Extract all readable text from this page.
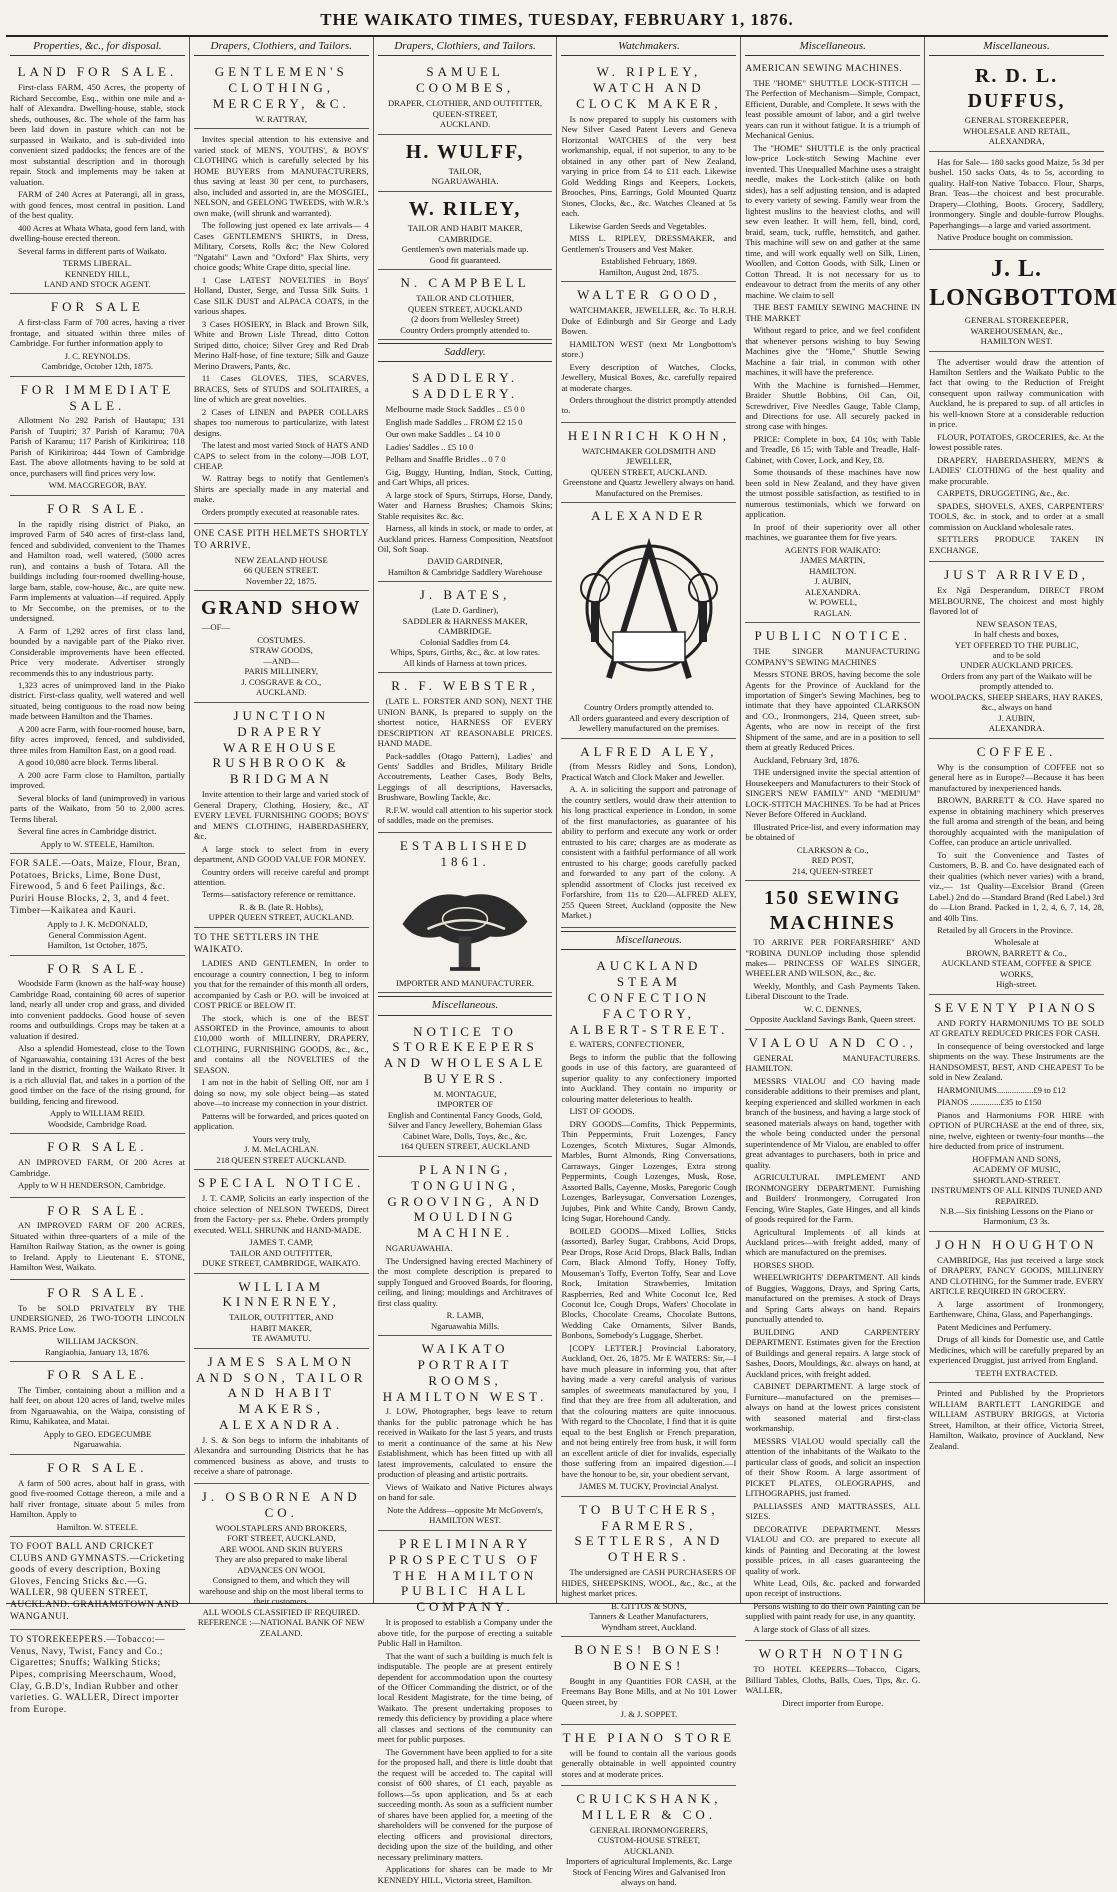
THE WAIKATO TIMES, TUESDAY, FEBRUARY 1, 1876.
Properties, &c., for disposal.
LAND FOR SALE.

First-class FARM, 450 Acres, the property of Richard Seccombe, Esq., within one mile and a-half of Alexandra. Dwelling-house, stable, stock sheds, outhouses, &c. The whole of the farm has been laid down in pasture which can not be surpassed in Waikato, and is sub-divided into convenient sized paddocks; the fences are of the most substantial description and in thorough repair. Stock and implements may be taken at valuation.

FARM of 240 Acres at Paterangi, all in grass, with good fences, most central in position. Land of the best quality.

400 Acres at Whata Whata, good fern land, with dwelling-house erected thereon.

Several farms in different parts of Waikato.

TERMS LIBERAL.
KENNEDY HILL,
LAND AND STOCK AGENT.
FOR SALE

A first-class Farm of 700 acres, having a river frontage, and situated within three miles of Cambridge. For further information apply to

J. C. REYNOLDS.
Cambridge, October 12th, 1875.
FOR IMMEDIATE SALE.

Allotment No 292 Parish of Hautapu; 131 Parish of Tuupiri; 37 Parish of Karamu; 70A Parish of Karamu; 117 Parish of Kirikiriroa; 118 Parish of Kirikiriroa; 444 Town of Cambridge East. The above allotments having to be sold at once, purchasers will find prices very low.

WM. MACGREGOR, BAY.
FOR SALE.

In the rapidly rising district of Piako, an improved Farm of 540 acres of first-class land, fenced and subdivided, convenient to the Thames and Hamilton road, well watered, (5000 acres run), and contains a bush of Totara. All the buildings including four-roomed dwelling-house, large barn, stable, cow-house, &c., are quite new. Farm implements at valuation—if required. Apply to Mr Seccombe, on the premises, or to the undersigned.

A Farm of 1,292 acres of first class land, bounded by a navigable part of the Piako river. Considerable improvements have been effected. Price very moderate. Advertiser strongly recommends this to any industrious party.

1,323 acres of unimproved land in the Piako district. First-class quality, well watered and well situated, being contiguous to the road now being made between Hamilton and the Thames.

A 200 acre Farm, with four-roomed house, barn, fifty acres improved, fenced, and subdivided, three miles from Hamilton East, on a good road.

A good 10,080 acre block. Terms liberal.

A 200 acre Farm close to Hamilton, partially improved.

Several blocks of land (unimproved) in various parts of the Waikato, from 50 to 2,000 acres. Terms liberal.

Several fine acres in Cambridge district.

Apply to W. STEELE, Hamilton.
FOR SALE.—Oats, Maize, Flour, Bran, Potatoes, Bricks, Lime, Bone Dust, Firewood, 5 and 6 feet Pailings, &c. Puriri House Blocks, 2, 3, and 4 feet. Timber—Kaikatea and Kauri.
Apply to J. K. McDONALD,
General Commission Agent.
Hamilton, 1st October, 1875.
FOR SALE.

Woodside Farm (known as the half-way house) Cambridge Road, containing 60 acres of superior land, nearly all under crop and grass, and divided into convenient paddocks. Good house of seven rooms and outbuildings. Crops may be taken at a valuation if desired.

Also a splendid Homestead, close to the Town of Ngaruawahia, containing 131 Acres of the best land in the district, fronting the Waikato River. It is a rich alluvial flat, and takes in a portion of the good timber on the face of the rising ground, for building, fencing and firewood.

Apply to WILLIAM REID.
Woodside, Cambridge Road.
FOR SALE.

AN IMPROVED FARM, Of 200 Acres at Cambridge.

Apply to W H HENDERSON, Cambridge.

FOR SALE.

AN IMPROVED FARM OF 200 ACRES, Situated within three-quarters of a mile of the Hamilton Railway Station, as the owner is going to Ireland. Apply to Lieutenant E. STONE, Hamilton West, Waikato.

FOR SALE.

To be SOLD PRIVATELY BY THE UNDERSIGNED, 26 TWO-TOOTH LINCOLN RAMS. Price Low.

WILLIAM JACKSON.
Rangiaohia, January 13, 1876.
FOR SALE.

The Timber, containing about a million and a half feet, on about 120 acres of land, twelve miles from Ngaruawahia, on the Waipa, consisting of Rimu, Kahikatea, and Matai.

Apply to GEO. EDGECUMBE
Ngaruawahia.
FOR SALE.

A farm of 500 acres, about half in grass, with good five-roomed Cottage thereon, a mile and a half river frontage, situate about 5 miles from Hamilton. Apply to

Hamilton. W. STEELE.
TO FOOT BALL AND CRICKET CLUBS AND GYMNASTS.—Cricketing goods of every description, Boxing Gloves, Fencing Sticks &c.—G. WALLER, 98 QUEEN STREET, AUCKLAND. GRAHAMSTOWN AND WANGANUI.
TO STOREKEEPERS.—Tobacco:—Venus, Navy, Twist, Fancy and Co.; Cigarettes; Snuffs; Walking Sticks; Pipes, comprising Meerschaum, Wood, Clay, G.B.D's, Indian Rubber and other varieties. G. WALLER, Direct importer from Europe.
Drapers, Clothiers, and Tailors.
GENTLEMEN'S CLOTHING, MERCERY, &C.
W. RATTRAY,

Invites special attention to his extensive and varied stock of MEN'S, YOUTHS', & BOYS' CLOTHING which is carefully selected by his HOME BUYERS from MANUFACTURERS, thus saving at least 30 per cent, to purchasers, also, included and assorted in, are the MOSGIEL, NELSON, and GEELONG TWEEDS, with W.R.'s own make, (will shrunk and warranted).

The following just opened ex late arrivals— 4 Cases GENTLEMEN'S SHIRTS, in Dress, Military, Corsets, Rolls &c; the New Colored "Ngatahi" Lawn and "Oxford" Flax Shirts, very choice goods; White Crape ditto, special line.

1 Case LATEST NOVELTIES in Boys' Holland, Duster, Serge, and Tussa Silk Suits. 1 Case SILK DUST and ALPACA COATS, in the various shapes.

3 Cases HOSIERY, in Black and Brown Silk, White and Brown Lisle Thread, ditto Cotton Striped ditto, choice; Silver Grey and Red Drab Merino Half-hose, of fine texture; Silk and Gauze Merino Drawers, Pants, &c.

11 Cases GLOVES, TIES, SCARVES, BRACES, Sets of STUDS and SOLITAIRES, a line of which are great novelties.

2 Cases of LINEN and PAPER COLLARS shapes too numerous to particularize, with latest designs.

The latest and most varied Stock of HATS AND CAPS to select from in the colony—JOB LOT, CHEAP.

W. Rattray begs to notify that Gentlemen's Shirts are specially made in any material and make.

Orders promptly executed at reasonable rates.

ONE CASE PITH HELMETS SHORTLY TO ARRIVE.
NEW ZEALAND HOUSE
66 QUEEN STREET.
November 22, 1875.
GRAND SHOW

—OF—

COSTUMES.
STRAW GOODS,
—AND—
PARIS MILLINERY,
J. COSGRAVE & CO.,
AUCKLAND.
JUNCTION DRAPERY WAREHOUSE RUSHBROOK & BRIDGMAN

Invite attention to their large and varied stock of General Drapery, Clothing, Hosiery, &c., AT EVERY LEVEL FURNISHING GOODS; BOYS' and MEN'S CLOTHING, HABERDASHERY, &c.

A large stock to select from in every department, AND GOOD VALUE FOR MONEY.

Country orders will receive careful and prompt attention.

Terms—satisfactory reference or remittance.

R. & B. (late R. Hobbs),
UPPER QUEEN STREET, AUCKLAND.
TO THE SETTLERS IN THE WAIKATO.

LADIES AND GENTLEMEN, In order to encourage a country connection, I beg to inform you that for the remainder of this month all orders, accompanied by Cash or P.O. will be invoiced at COST PRICE or BELOW IT.

The stock, which is one of the BEST ASSORTED in the Province, amounts to about £10,000 worth of MILLINERY, DRAPERY, CLOTHING, FURNISHING GOODS, &c., &c., and contains all the NOVELTIES of the SEASON.

I am not in the habit of Selling Off, nor am I doing so now, my sole object being—as stated above—to increase my connection in your district.

Patterns will be forwarded, and prices quoted on application.

Yours very truly,
J. M. McLACHLAN.
218 QUEEN STREET AUCKLAND.
SPECIAL NOTICE.

J. T. CAMP, Solicits an early inspection of the choice selection of NELSON TWEEDS, Direct from the Factory- per s.s. Phebe. Orders promptly executed. WELL SHRUNK and HAND-MADE.

JAMES T. CAMP,
TAILOR AND OUTFITTER,
DUKE STREET, CAMBRIDGE, WAIKATO.
WILLIAM KINNERNEY,
TAILOR, OUTFITTER, AND
HABIT MAKER,
TE AWAMUTU.
JAMES SALMON AND SON, TAILOR AND HABIT MAKERS, ALEXANDRA.

J. S. & Son begs to inform the inhabitants of Alexandra and surrounding Districts that he has commenced business as above, and trusts to receive a share of patronage.

J. OSBORNE AND CO.
WOOLSTAPLERS AND BROKERS,
FORT STREET, AUCKLAND,
ARE WOOL AND SKIN BUYERS
They are also prepared to make liberal
ADVANCES ON WOOL
Consigned to them, and which they will warehouse and ship on the most liberal terms to their customers.
ALL WOOLS CLASSIFIED IF REQUIRED.
REFERENCE :—NATIONAL BANK OF NEW ZEALAND.
Drapers, Clothiers, and Tailors.
SAMUEL COOMBES,
DRAPER, CLOTHIER, AND OUTFITTER,
QUEEN-STREET,
AUCKLAND.
H. WULFF,
TAILOR,
NGARUAWAHIA.
W. RILEY,
TAILOR AND HABIT MAKER,
CAMBRIDGE.
Gentlemen's own materials made up.
Good fit guaranteed.
N. CAMPBELL
TAILOR AND CLOTHIER,
QUEEN STREET, AUCKLAND
(2 doors from Wellesley Street)
Country Orders promptly attended to.
Saddlery.
SADDLERY. SADDLERY.

Melbourne made Stock Saddles .. £5 0 0

English made Saddles .. FROM £2 15 0

Our own make Saddles .. £4 10 0

Ladies' Saddles .. £5 10 0

Pelham and Snaffle Bridles .. 0 7 0

Gig, Buggy, Hunting, Indian, Stock, Cutting, and Cart Whips, all prices.

A large stock of Spurs, Stirrups, Horse, Dandy, Water and Harness Brushes; Chamois Skins; Stable requisites &c. &c.

Harness, all kinds in stock, or made to order, at Auckland prices. Harness Composition, Neatsfoot Oil, Soft Soap.

DAVID GARDINER,
Hamilton & Cambridge Saddlery Warehouse
J. BATES,
(Late D. Gardiner),
SADDLER & HARNESS MAKER,
CAMBRIDGE.
Colonial Saddles from £4.
Whips, Spurs, Girths, &c., &c. at low rates.
All kinds of Harness at town prices.
R. F. WEBSTER,

(LATE L. FORSTER AND SON), NEXT THE UNION BANK, Is prepared to supply on the shortest notice, HARNESS OF EVERY DESCRIPTION AT REASONABLE PRICES. HAND MADE.

Pack-saddles (Otago Pattern), Ladies' and Gents' Saddles and Bridles, Military Bridle Accoutrements, Leather Cases, Body Belts, Leggings of all descriptions, Haversacks, Brushware, Bowling Tackle, &c.

R.F.W. would call attention to his superior stock of saddles, made on the premises.

ESTABLISHED 1861.
IMPORTER AND MANUFACTURER.
Miscellaneous.
NOTICE TO STOREKEEPERS AND WHOLESALE BUYERS.
M. MONTAGUE,
IMPORTER OF
English and Continental Fancy Goods, Gold, Silver and Fancy Jewellery, Bohemian Glass Cabinet Ware, Dolls, Toys, &c., &c.
164 QUEEN STREET, AUCKLAND
PLANING, TONGUING, GROOVING, AND MOULDING MACHINE.

NGARUAWAHIA.

The Undersigned having erected Machinery of the most complete description is prepared to supply Tongued and Grooved Boards, for flooring, ceiling, and lining; mouldings and Architraves of first class quality.

R. LAMB,
Ngaruawahia Mills.
WAIKATO PORTRAIT ROOMS, HAMILTON WEST.

J. LOW, Photographer, begs leave to return thanks for the public patronage which he has received in Waikato for the last 5 years, and trusts to merit a continuance of the same at his New Establishment, which has been fitted up with all latest improvements, calculated to ensure the production of pleasing and artistic portraits.

Views of Waikato and Native Pictures always on hand for sale.

Note the Address—opposite Mr McGovern's, HAMILTON WEST.
PRELIMINARY PROSPECTUS OF THE HAMILTON PUBLIC HALL COMPANY.

It is proposed to establish a Company under the above title, for the purpose of erecting a suitable Public Hall in Hamilton.

That the want of such a building is much felt is indisputable. The people are at present entirely dependent for accommodation upon the courtesy of the Officer Commanding the district, or of the local Resident Magistrate, for the time being, of Waikato. The present undertaking proposes to remedy this deficiency by providing a place where all classes and sections of the community can meet for public purposes.

The Government have been applied to for a site for the proposed hall, and there is little doubt that the request will be acceded to. The capital will consist of 600 shares, of £1 each, payable as follows—5s upon application, and 5s at each succeeding month. As soon as a sufficient number of shares have been applied for, a meeting of the shareholders will be convened for the purpose of electing officers and provisional directors, deciding upon the size of the building, and other necessary preliminary matters.

Applications for shares can be made to Mr KENNEDY HILL, Victoria street, Hamilton.

Watchmakers.
W. RIPLEY, WATCH AND CLOCK MAKER,

Is now prepared to supply his customers with New Silver Cased Patent Levers and Geneva Horizontal WATCHES of the very best workmanship, equal, if not superior, to any to be obtained in any other part of New Zealand, varying in price from £4 to £11 each. Likewise Gold Wedding Rings and Keepers, Lockets, Brooches, Pins, Earrings, Gold Mounted Quartz Stones, Clocks, &c., &c. Watches Cleaned at 5s each.

Likewise Garden Seeds and Vegetables.

MISS L. RIPLEY, DRESSMAKER, and Gentlemen's Trousers and Vest Maker.

Established February, 1869.
Hamilton, August 2nd, 1875.
WALTER GOOD,

WATCHMAKER, JEWELLER, &c. To H.R.H. Duke of Edinburgh and Sir George and Lady Bowen.

HAMILTON WEST (next Mr Longbottom's store.)

Every description of Watches, Clocks, Jewellery, Musical Boxes, &c. carefully repaired at moderate charges.

Orders throughout the district promptly attended to.

HEINRICH KOHN,
WATCHMAKER GOLDSMITH AND
JEWELLER,
QUEEN STREET, AUCKLAND.
Greenstone and Quartz Jewellery always on hand. Manufactured on the Premises.
ALEXANDER
Country Orders promptly attended to.
All orders guaranteed and every description of Jewellery manufactured on the premises.
ALFRED ALEY,

(from Messrs Ridley and Sons, London), Practical Watch and Clock Maker and Jeweller.

A. A. in soliciting the support and patronage of the country settlers, would draw their attention to his long practical experience in London, in some of the first manufactories, as guarantee of his ability to perform and execute any work or order entrusted to his care; charges are as moderate as consistent with a faithful performance of all work entrusted to his charge; goods carefully packed and forwarded to any part of the colony. A splendid assortment of Clocks just received ex Forfarshire, from 11s to £20—ALFRED ALEY, 255 Queen Street, Auckland (opposite the New Market.)

Miscellaneous.
AUCKLAND STEAM CONFECTION FACTORY, ALBERT-STREET.

E. WATERS, CONFECTIONER,

Begs to inform the public that the following goods in use of this factory, are guaranteed of superior quality to any confectionery imported into Auckland. They contain no impurity or colouring matter deleterious to health.

LIST OF GOODS.

DRY GOODS—Comfits, Thick Peppermints, Thin Peppermints, Fruit Lozenges, Fancy Lozenges, Scotch Mixtures, Sugar Almonds, Marbles, Burnt Almonds, Ring Conversations, Carraways, Ginger Lozenges, Extra strong Peppermints, Cough Lozenges, Musk, Rose, Assorted Balls, Cayenne, Mosks, Paregoric Cough Lozenges, Barleysugar, Conversation Lozenges, Jujubes, Pink and White Candy, Brown Candy, Icing Sugar, Horehound Candy.

BOILED GOODS—Mixed Lollies, Sticks (assorted), Barley Sugar, Crabbons, Acid Drops, Pear Drops, Rose Acid Drops, Black Balls, Indian Corn, Black Almond Toffy, Honey Toffy, Mouseman's Toffy, Everton Toffy, Sear and Love Rock, Imitation Strawberries, Imitation Raspberries, Red and White Coconut Ice, Red Coconut Ice, Cough Drops, Wafers' Chocolate in Blocks, Chocolate Creams, Chocolate Buttons, Wedding Cake Ornaments, Silver Bands, Bonbons, Somebody's Luggage, Sherbet.

[COPY LETTER.] Provincial Laboratory, Auckland, Oct. 26, 1875. Mr E WATERS: Sir,—I have much pleasure in informing you, that after having made a very careful analysis of various samples of sweetmeats manufactured by you, I find that they are free from all adulteration, and that the colouring matters are quite innocuous. With regard to the Chocolate, I find that it is quite equal to the best English or French preparation, and not being entirely free from husk, it will form an excellent article of diet for invalids, especially those suffering from an impaired digestion.—I have the honour to be, sir, your obedient servant,

JAMES M. TUCKY, Provincial Analyst.
TO BUTCHERS, FARMERS, SETTLERS, AND OTHERS.

The undersigned are CASH PURCHASERS OF HIDES, SHEEPSKINS, WOOL, &c., &c., at the highest market prices.

B. GITTOS & SONS,
Tanners & Leather Manufacturers,
Wyndham street, Auckland.
BONES! BONES! BONES!

Bought in any Quantities FOR CASH, at the Freemans Bay Bone Mills, and at No 101 Lower Queen street, by

J. & J. SOPPET.
THE PIANO STORE

will be found to contain all the various goods generally obtainable in well appointed country stores and at moderate prices.

CRUICKSHANK, MILLER & CO.
GENERAL IRONMONGERERS,
CUSTOM-HOUSE STREET,
AUCKLAND.
Importers of agricultural Implements, &c. Large Stock of Fencing Wires and Galvanised Iron always on hand.
Miscellaneous.
AMERICAN SEWING MACHINES.

THE "HOME" SHUTTLE LOCK-STITCH —The Perfection of Mechanism—Simple, Compact, Efficient, Durable, and Complete. It sews with the least possible amount of labor, and a girl twelve years can run it without fatigue. It is a triumph of Mechanical Genius.

The "HOME" SHUTTLE is the only practical low-price Lock-stitch Sewing Machine ever invented. This Unequalled Machine uses a straight needle, makes the Lock-stitch (alike on both sides), has a self adjusting tension, and is adapted to every variety of sewing. Family wear from the lightest muslins to the heaviest cloths, and will sew even leather. It will hem, fell, bind, cord, braid, seam, tuck, ruffle, hemstitch, and gather. This machine will sew on and gather at the same time, and will work equally well on Silk, Linen, Woollen, and Cotton Goods, with Silk, Linen or Cotton Thread. It is not necessary for us to endeavour to detract from the merits of any other machine. We claim to sell

THE BEST FAMILY SEWING MACHINE IN THE MARKET

Without regard to price, and we feel confident that whenever persons wishing to buy Sewing Machines give the "Home," Shuttle Sewing Machine a fair trial, in common with other machines, it will have the preference.

With the Machine is furnished—Hemmer, Braider Shuttle Bobbins, Oil Can, Oil, Screwdriver, Five Needles Gauge, Table Clamp, and Directions for use. All securely packed in strong case with hinges.

PRICE: Complete in box, £4 10s; with Table and Treadle, £6 15; with Table and Treadle, Half-Cabinet, with Cover, Lock, and Key, £8.

Some thousands of these machines have now been sold in New Zealand, and they have given the utmost possible satisfaction, as testified to in numerous testimonials, which we forward on application.

In proof of their superiority over all other machines, we guarantee them for five years.

AGENTS FOR WAIKATO:
JAMES MARTIN,
HAMILTON.
J. AUBIN,
ALEXANDRA.
W. POWELL,
RAGLAN.
PUBLIC NOTICE.

THE SINGER MANUFACTURING COMPANY'S SEWING MACHINES

Messrs STONE BROS, having become the sole Agents for the Province of Auckland for the importation of Singer's Sewing Machines, beg to intimate that they have appointed CLARKSON and CO., Ironmongers, 214, Queen street, sub-Agents, who are now in receipt of the first Shipment of the same, and are in a position to sell them at greatly Reduced Prices.

Auckland, February 3rd, 1876.

THE undersigned invite the special attention of Housekeepers and Manufacturers to their Stock of SINGER'S NEW FAMILY" AND "MEDIUM" LOCK-STITCH MACHINES. To be had at Prices Never Before Offered in Auckland.

Illustrated Price-list, and every information may be obtained of

CLARKSON & Co.,
RED POST,
214, QUEEN-STREET
150 SEWING MACHINES

TO ARRIVE PER FORFARSHIRE" AND "ROBINA DUNLOP including those splendid makes— PRINCESS OF WALES SINGER, WHEELER AND WILSON, &c., &c.

Weekly, Monthly, and Cash Payments Taken. Liberal Discount to the Trade.

W. C. DENNES,
Opposite Auckland Savings Bank, Queen street.
VIALOU AND CO.,

GENERAL MANUFACTURERS. HAMILTON.

MESSRS VIALOU and CO having made considerable additions to their premises and plant, keeping experienced and skilled workmen in each branch of the business, and having a large stock of seasoned materials always on hand, together with the whole being conducted under the personal superintendence of Mr Vialou, are enabled to offer great advantages to purchasers, both in price and quality.

AGRICULTURAL IMPLEMENT AND IRONMONGERY DEPARTMENT. Furnishing and Builders' Ironmongery, Corrugated Iron Fencing, Wire Staples, Gate Hinges, and all kinds of goods required for the Farm.

Agricultural Implements of all kinds at Auckland prices—with freight added, many of which are manufactured on the premises.

HORSES SHOD.

WHEELWRIGHTS' DEPARTMENT. All kinds of Buggies, Waggons, Drays, and Spring Carts, manufactured on the premises. A stock of Drays and Spring Carts always on hand. Repairs punctually attended to.

BUILDING AND CARPENTERY DEPARTMENT. Estimates given for the Erection of Buildings and general repairs. A large stock of Sashes, Doors, Mouldings, &c. always on hand, at Auckland prices, with freight added.

CABINET DEPARTMENT. A large stock of Furniture—manufactured on the premises—always on hand at the lowest prices consistent with seasoned material and first-class workmanship.

MESSRS VIALOU would specially call the attention of the inhabitants of the Waikato to the particular class of goods, and solicit an inspection of their Show Room. A large assortment of PICKET PLATES, OLEOGRAPHS, and LITHOGRAPHS, just framed.

PALLIASSES AND MATTRASSES, ALL SIZES.

DECORATIVE DEPARTMENT. Messrs VIALOU and CO. are prepared to execute all kinds of Painting and Decorating at the lowest possible prices, in all cases guaranteeing the quality of work.

White Lead, Oils, &c. packed and forwarded upon receipt of instructions.

Persons wishing to do their own Painting can be supplied with paint ready for use, in any quantity.

A large stock of Glass of all sizes.

WORTH NOTING

TO HOTEL KEEPERS—Tobacco, Cigars, Billiard Tables, Cloths, Balls, Cues, Tips, &c. G. WALLER,

Direct importer from Europe.
Miscellaneous.
R. D. L. DUFFUS,
GENERAL STOREKEEPER,
WHOLESALE AND RETAIL,
ALEXANDRA,

Has for Sale— 180 sacks good Maize, 5s 3d per bushel. 150 sacks Oats, 4s to 5s, according to quality. Half-ton Native Tobacco. Flour, Sharps, Bran. Teas—the choicest and best procurable. Drapery—Clothing, Boots. Grocery, Saddlery, Ironmongery. Single and double-furrow Ploughs. Paperhangings—a large and varied assortment.

Native Produce bought on commission.

J. L. LONGBOTTOM
GENERAL STOREKEEPER,
WAREHOUSEMAN, &c.,
HAMILTON WEST.

The advertiser would draw the attention of Hamilton Settlers and the Waikato Public to the fact that owing to the Reduction of Freight consequent upon railway communication with Auckland, he is prepared to sup. of all articles in his well-known Store at a considerable reduction in price.

FLOUR, POTATOES, GROCERIES, &c. At the lowest possible rates.

DRAPERY, HABERDASHERY, MEN'S & LADIES' CLOTHING of the best quality and make procurable.

CARPETS, DRUGGETING, &c., &c.

SPADES, SHOVELS, AXES, CARPENTERS' TOOLS, &c. in stock, and to order at a small commission on Auckland wholesale rates.

SETTLERS PRODUCE TAKEN IN EXCHANGE.

JUST ARRIVED,

Ex Ngā Desperandum, DIRECT FROM MELBOURNE, The choicest and most highly flavored lot of

NEW SEASON TEAS,
In half chests and boxes,
YET OFFERED TO THE PUBLIC,
and to be sold
UNDER AUCKLAND PRICES.
Orders from any part of the Waikato will be promptly attended to.
WOOLPACKS, SHEEP SHEARS, HAY RAKES, &c., always on hand
J. AUBIN,
ALEXANDRA.
COFFEE.

Why is the consumption of COFFEE not so general here as in Europe?—Because it has been manufactured by inexperienced hands.

BROWN, BARRETT & CO. Have spared no expense in obtaining machinery which preserves the full aroma and strength of the bean, and being thoroughly acquainted with the manipulation of Coffee, can produce an article unrivalled.

To suit the Convenience and Tastes of Customers, B. B. and Co. have designated each of their qualities (which never varies) with a brand, viz.,— 1st Quality—Excelsior Brand (Green Label.) 2nd do —Standard Brand (Red Label.) 3rd do —Lion Brand. Packed in 1, 2, 4, 6, 7, 14, 28, and 40lb Tins.

Retailed by all Grocers in the Province.

Wholesale at
BROWN, BARRETT & Co.,
AUCKLAND STEAM, COFFEE & SPICE WORKS,
High-street.
SEVENTY PIANOS

AND FORTY HARMONIUMS TO BE SOLD AT GREATLY REDUCED PRICES FOR CASH.

In consequence of being overstocked and large shipments on the way. These Instruments are the HANDSOMEST, BEST, AND CHEAPEST To be sold in New Zealand.

HARMONIUMS.................£9 to £12

PIANOS ..............£35 to £150

Pianos and Harmoniums FOR HIRE with OPTION of PURCHASE at the end of three, six, nine, twelve, eighteen or twenty-four months—the hire deducted from price of instrument.

HOFFMAN AND SONS,
ACADEMY OF MUSIC,
SHORTLAND-STREET.
INSTRUMENTS OF ALL KINDS TUNED AND REPAIRED.
N.B.—Six finishing Lessons on the Piano or Harmonium, £3 3s.
JOHN HOUGHTON

CAMBRIDGE, Has just received a large stock of DRAPERY, FANCY GOODS, MILLINERY AND CLOTHING, for the Summer trade. EVERY ARTICLE REQUIRED IN GROCERY.

A large assortment of Ironmongery, Earthenware, China, Glass, and Paperhangings.

Patent Medicines and Perfumery.

Drugs of all kinds for Domestic use, and Cattle Medicines, which will be carefully prepared by an experienced Druggist, just arrived from England.

TEETH EXTRACTED.

Printed and Published by the Proprietors WILLIAM BARTLETT LANGRIDGE and WILLIAM ASTBURY BRIGGS, at Victoria Street, Hamilton, at their office, Victoria Street, Hamilton, Waikato, province of Auckland, New Zealand.
